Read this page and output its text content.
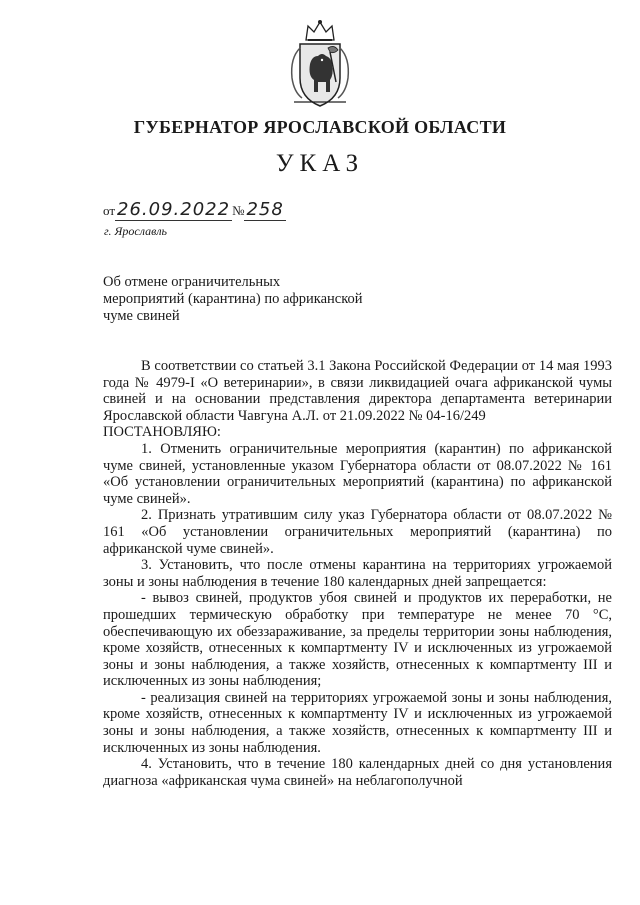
ГУБЕРНАТОР ЯРОСЛАВСКОЙ ОБЛАСТИ
УКАЗ
от 26.09.2022 № 258
г. Ярославль
Об отмене ограничительных мероприятий (карантина) по африканской чуме свиней

В соответствии со статьей 3.1 Закона Российской Федерации от 14 мая 1993 года № 4979-I «О ветеринарии», в связи ликвидацией очага африканской чумы свиней и на основании представления директора департамента ветеринарии Ярославской области Чавгуна А.Л. от 21.09.2022 № 04-16/249

ПОСТАНОВЛЯЮ:

1. Отменить ограничительные мероприятия (карантин) по африканской чуме свиней, установленные указом Губернатора области от 08.07.2022 № 161 «Об установлении ограничительных мероприятий (карантина) по африканской чуме свиней».

2. Признать утратившим силу указ Губернатора области от 08.07.2022 № 161 «Об установлении ограничительных мероприятий (карантина) по африканской чуме свиней».

3. Установить, что после отмены карантина на территориях угрожаемой зоны и зоны наблюдения в течение 180 календарных дней запрещается:

- вывоз свиней, продуктов убоя свиней и продуктов их переработки, не прошедших термическую обработку при температуре не менее 70 °С, обеспечивающую их обеззараживание, за пределы территории зоны наблюдения, кроме хозяйств, отнесенных к компартменту IV и исключенных из угрожаемой зоны и зоны наблюдения, а также хозяйств, отнесенных к компартменту III и исключенных из зоны наблюдения;

- реализация свиней на территориях угрожаемой зоны и зоны наблюдения, кроме хозяйств, отнесенных к компартменту IV и исключенных из угрожаемой зоны и зоны наблюдения, а также хозяйств, отнесенных к компартменту III и исключенных из зоны наблюдения.

4. Установить, что в течение 180 календарных дней со дня установления диагноза «африканская чума свиней» на неблагополучной
